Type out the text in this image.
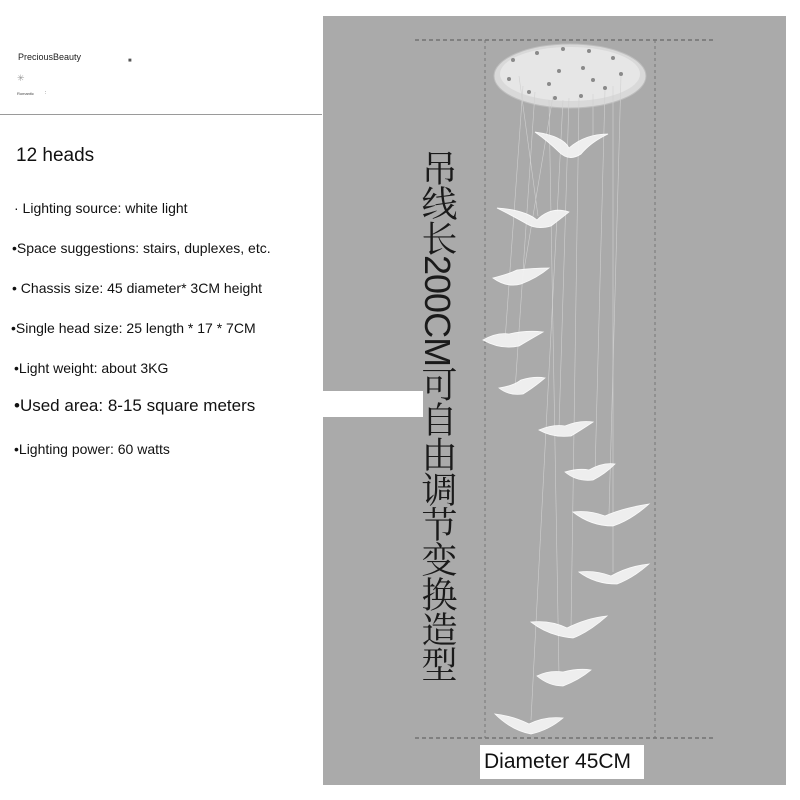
PreciousBeauty	■
✳
Romantic :
12 heads
· Lighting source: white light
•Space suggestions: stairs, duplexes, etc.
• Chassis size: 45 diameter* 3CM height
•Single head size: 25 length * 17 * 7CM
•Light weight: about 3KG
•Used area: 8-15 square meters
•Lighting power: 60 watts	吊线长200CM可自由调节变换造型
Diameter 45CM
